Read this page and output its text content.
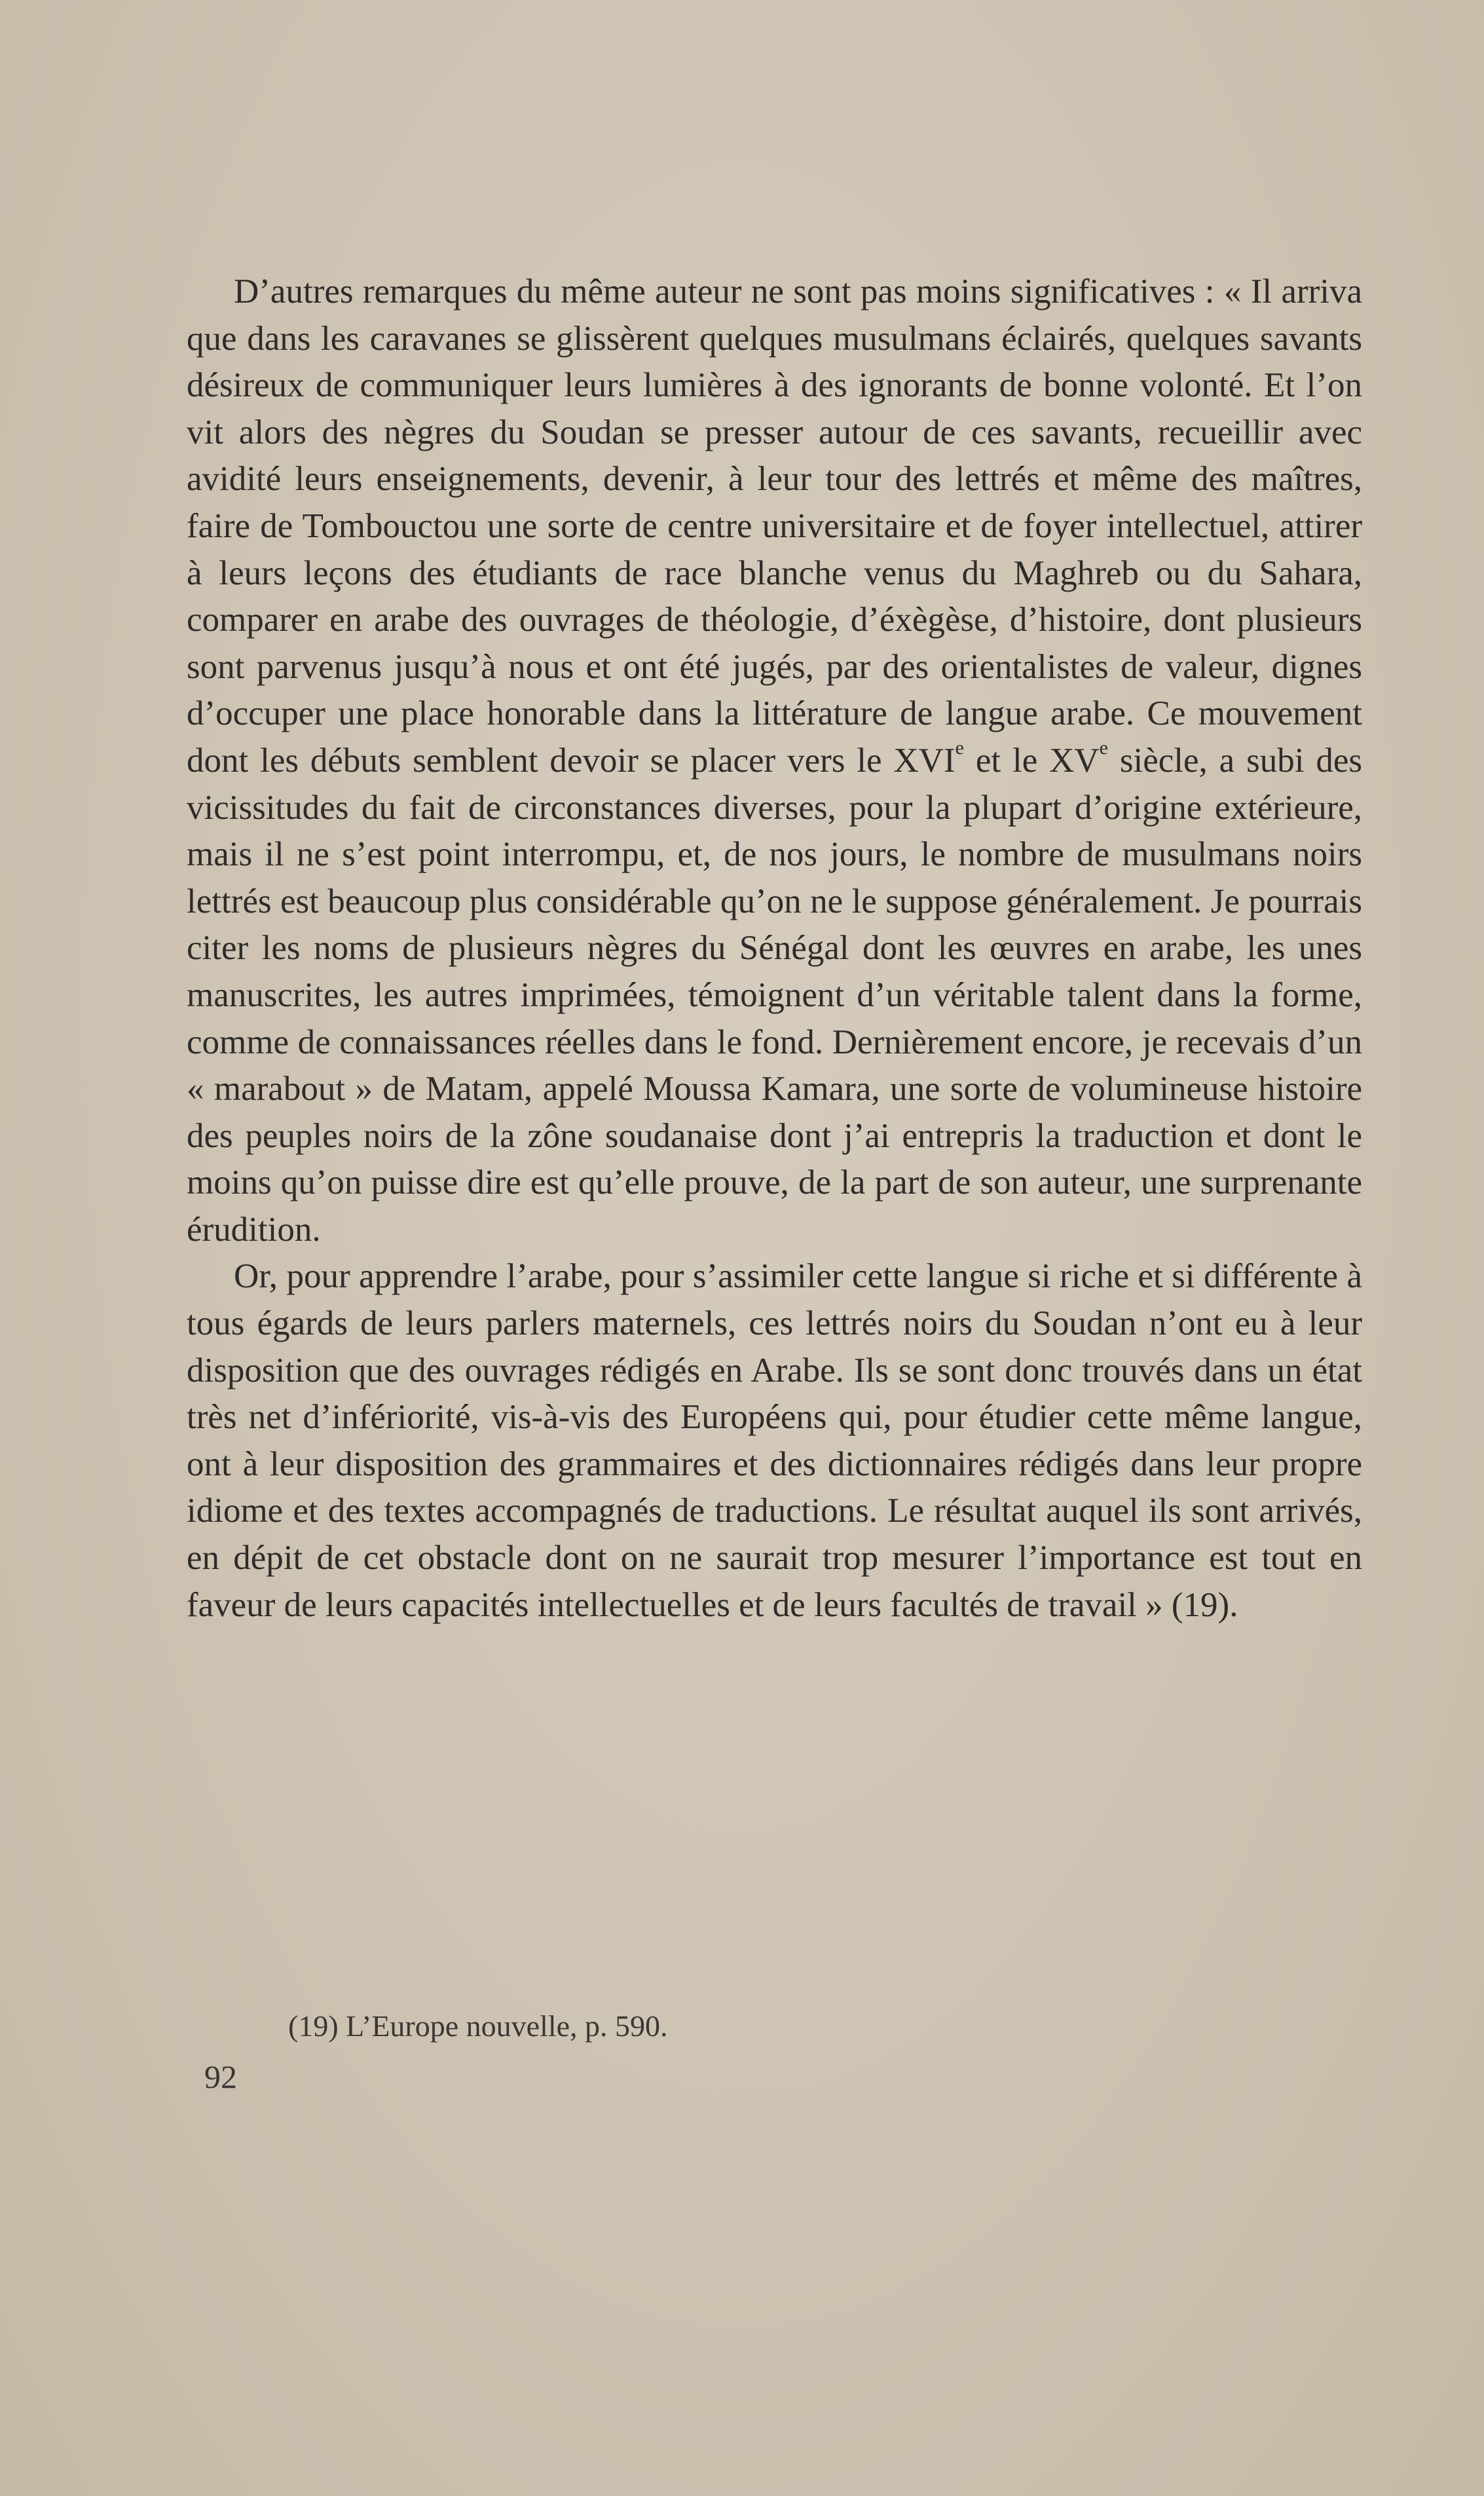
D’autres remarques du même auteur ne sont pas moins significatives : « Il arriva que dans les caravanes se glissèrent quelques musulmans éclairés, quelques savants désireux de communiquer leurs lumières à des ignorants de bonne volonté. Et l’on vit alors des nègres du Soudan se presser autour de ces savants, recueillir avec avidité leurs enseignements, devenir, à leur tour des lettrés et même des maîtres, faire de Tombouctou une sorte de centre universitaire et de foyer intellectuel, attirer à leurs leçons des étudiants de race blanche venus du Maghreb ou du Sahara, comparer en arabe des ouvrages de théologie, d’éxègèse, d’histoire, dont plusieurs sont parvenus jusqu’à nous et ont été jugés, par des orientalistes de valeur, dignes d’occuper une place honorable dans la littérature de langue arabe. Ce mouvement dont les débuts semblent devoir se placer vers le XVIe et le XVe siècle, a subi des vicissitudes du fait de circonstances diverses, pour la plupart d’origine extérieure, mais il ne s’est point interrompu, et, de nos jours, le nombre de musulmans noirs lettrés est beaucoup plus considérable qu’on ne le suppose généralement. Je pourrais citer les noms de plusieurs nègres du Sénégal dont les œuvres en arabe, les unes manuscrites, les autres imprimées, témoignent d’un véritable talent dans la forme, comme de connaissances réelles dans le fond. Dernièrement encore, je recevais d’un « marabout » de Matam, appelé Moussa Kamara, une sorte de volumineuse histoire des peuples noirs de la zône soudanaise dont j’ai entrepris la traduction et dont le moins qu’on puisse dire est qu’elle prouve, de la part de son auteur, une surprenante érudition.

Or, pour apprendre l’arabe, pour s’assimiler cette langue si riche et si différente à tous égards de leurs parlers maternels, ces lettrés noirs du Soudan n’ont eu à leur disposition que des ouvrages rédigés en Arabe. Ils se sont donc trouvés dans un état très net d’infériorité, vis-à-vis des Européens qui, pour étudier cette même langue, ont à leur disposition des grammaires et des dictionnaires rédigés dans leur propre idiome et des textes accompagnés de traductions. Le résultat auquel ils sont arrivés, en dépit de cet obstacle dont on ne saurait trop mesurer l’importance est tout en faveur de leurs capacités intellectuelles et de leurs facultés de travail » (19).

(19) L’Europe nouvelle, p. 590.
92
